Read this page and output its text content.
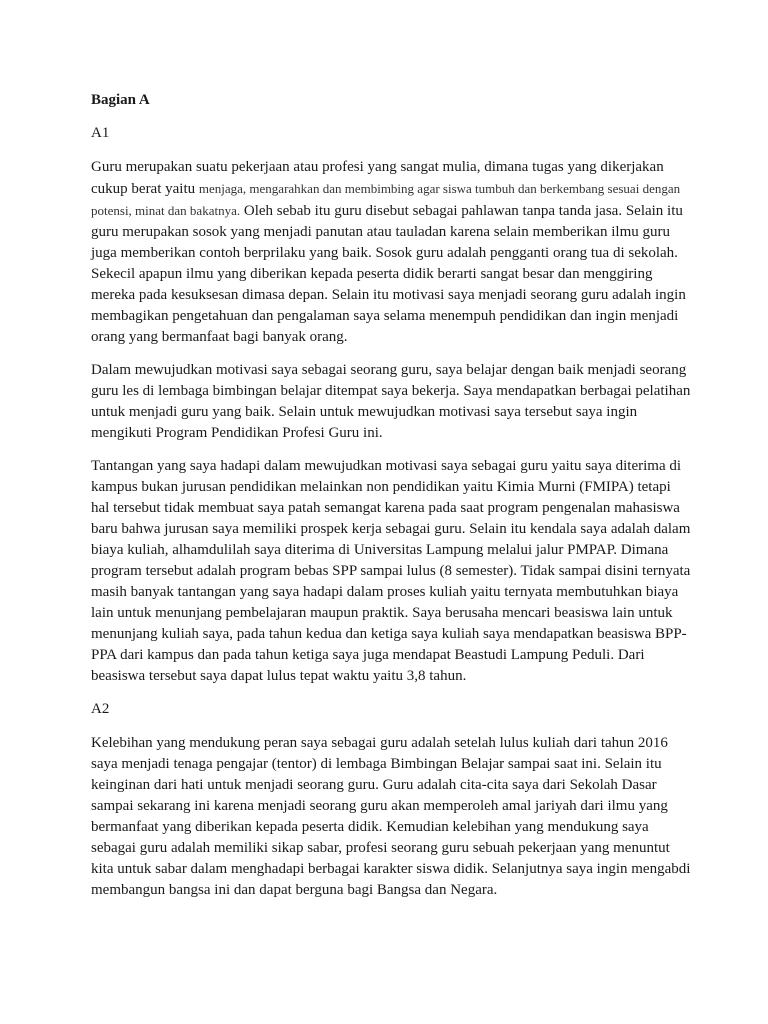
Bagian A
A1

Guru merupakan suatu pekerjaan atau profesi yang sangat mulia, dimana tugas yang dikerjakan cukup berat yaitu menjaga, mengarahkan dan membimbing agar siswa tumbuh dan berkembang sesuai dengan potensi, minat dan bakatnya. Oleh sebab itu guru disebut sebagai pahlawan tanpa tanda jasa. Selain itu guru merupakan sosok yang menjadi panutan atau tauladan karena selain memberikan ilmu guru juga memberikan contoh berprilaku yang baik. Sosok guru adalah pengganti orang tua di sekolah. Sekecil apapun ilmu yang diberikan kepada peserta didik berarti sangat besar dan menggiring mereka pada kesuksesan dimasa depan. Selain itu motivasi saya menjadi seorang guru adalah ingin membagikan pengetahuan dan pengalaman saya selama menempuh pendidikan dan ingin menjadi orang yang bermanfaat bagi banyak orang.

Dalam mewujudkan motivasi saya sebagai seorang guru, saya belajar dengan baik menjadi seorang guru les di lembaga bimbingan belajar ditempat saya bekerja. Saya mendapatkan berbagai pelatihan untuk menjadi guru yang baik. Selain untuk mewujudkan motivasi saya tersebut saya ingin mengikuti Program Pendidikan Profesi Guru ini.

Tantangan yang saya hadapi dalam mewujudkan motivasi saya sebagai guru yaitu saya diterima di kampus bukan jurusan pendidikan melainkan non pendidikan yaitu Kimia Murni (FMIPA) tetapi hal tersebut tidak membuat saya patah semangat karena pada saat program pengenalan mahasiswa baru bahwa jurusan saya memiliki prospek kerja sebagai guru. Selain itu kendala saya adalah dalam biaya kuliah, alhamdulilah saya diterima di Universitas Lampung melalui jalur PMPAP. Dimana program tersebut adalah program bebas SPP sampai lulus (8 semester). Tidak sampai disini ternyata masih banyak tantangan yang saya hadapi dalam proses kuliah yaitu ternyata membutuhkan biaya lain untuk menunjang pembelajaran maupun praktik. Saya berusaha mencari beasiswa lain untuk menunjang kuliah saya, pada tahun kedua dan ketiga saya kuliah saya mendapatkan beasiswa BPP-PPA dari kampus dan pada tahun ketiga saya juga mendapat Beastudi Lampung Peduli. Dari beasiswa tersebut saya dapat lulus tepat waktu yaitu 3,8 tahun.

A2

Kelebihan yang mendukung peran saya sebagai guru adalah setelah lulus kuliah dari tahun 2016 saya menjadi tenaga pengajar (tentor) di lembaga Bimbingan Belajar sampai saat ini. Selain itu keinginan dari hati untuk menjadi seorang guru. Guru adalah cita-cita saya dari Sekolah Dasar sampai sekarang ini karena menjadi seorang guru akan memperoleh amal jariyah dari ilmu yang bermanfaat yang diberikan kepada peserta didik. Kemudian kelebihan yang mendukung saya sebagai guru adalah memiliki sikap sabar, profesi seorang guru sebuah pekerjaan yang menuntut kita untuk sabar dalam menghadapi berbagai karakter siswa didik. Selanjutnya saya ingin mengabdi membangun bangsa ini dan dapat berguna bagi Bangsa dan Negara.
